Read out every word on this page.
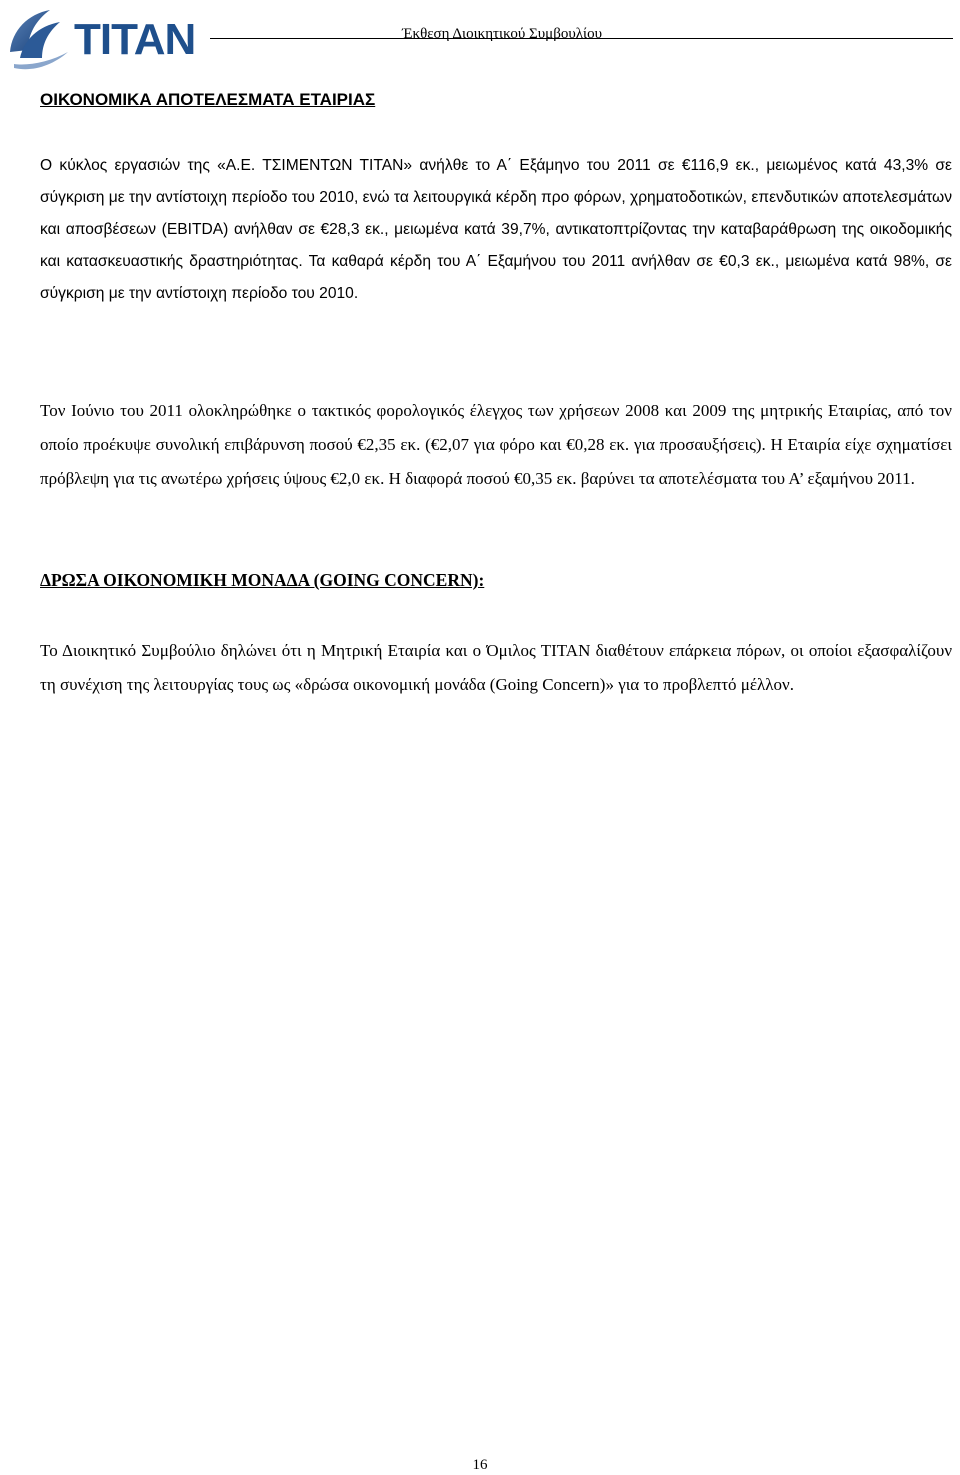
TITAN	Έκθεση Διοικητικού Συμβουλίου
ΟΙΚΟΝΟΜΙΚΑ ΑΠΟΤΕΛΕΣΜΑΤΑ ΕΤΑΙΡΙΑΣ

Ο κύκλος εργασιών της «Α.Ε. ΤΣΙΜΕΝΤΩΝ ΤΙΤΑΝ» ανήλθε το Α΄ Εξάμηνο του 2011 σε €116,9 εκ., μειωμένος κατά 43,3% σε σύγκριση με την αντίστοιχη περίοδο του 2010, ενώ τα λειτουργικά κέρδη προ φόρων, χρηματοδοτικών, επενδυτικών αποτελεσμάτων και αποσβέσεων (EBITDA) ανήλθαν σε €28,3 εκ., μειωμένα κατά 39,7%, αντικατοπτρίζοντας την καταβαράθρωση της οικοδομικής και κατασκευαστικής δραστηριότητας. Τα καθαρά κέρδη του Α΄ Εξαμήνου του 2011 ανήλθαν σε €0,3 εκ., μειωμένα κατά 98%, σε σύγκριση με την αντίστοιχη περίοδο του 2010.

Τον Ιούνιο του 2011 ολοκληρώθηκε ο τακτικός φορολογικός έλεγχος των χρήσεων 2008 και 2009 της μητρικής Εταιρίας, από τον οποίο προέκυψε συνολική επιβάρυνση ποσού €2,35 εκ. (€2,07 για φόρο και €0,28 εκ. για προσαυξήσεις). Η Εταιρία είχε σχηματίσει πρόβλεψη για τις ανωτέρω χρήσεις ύψους €2,0 εκ. Η διαφορά ποσού €0,35 εκ. βαρύνει τα αποτελέσματα του Α’ εξαμήνου 2011.

ΔΡΩΣΑ ΟΙΚΟΝΟΜΙΚΗ ΜΟΝΑΔΑ (GOING CONCERN):

Το Διοικητικό Συμβούλιο δηλώνει ότι η Μητρική Εταιρία και ο Όμιλος ΤΙΤΑΝ διαθέτουν επάρκεια πόρων, οι οποίοι εξασφαλίζουν τη συνέχιση της λειτουργίας τους ως «δρώσα οικονομική μονάδα (Going Concern)» για το προβλεπτό μέλλον.

16
